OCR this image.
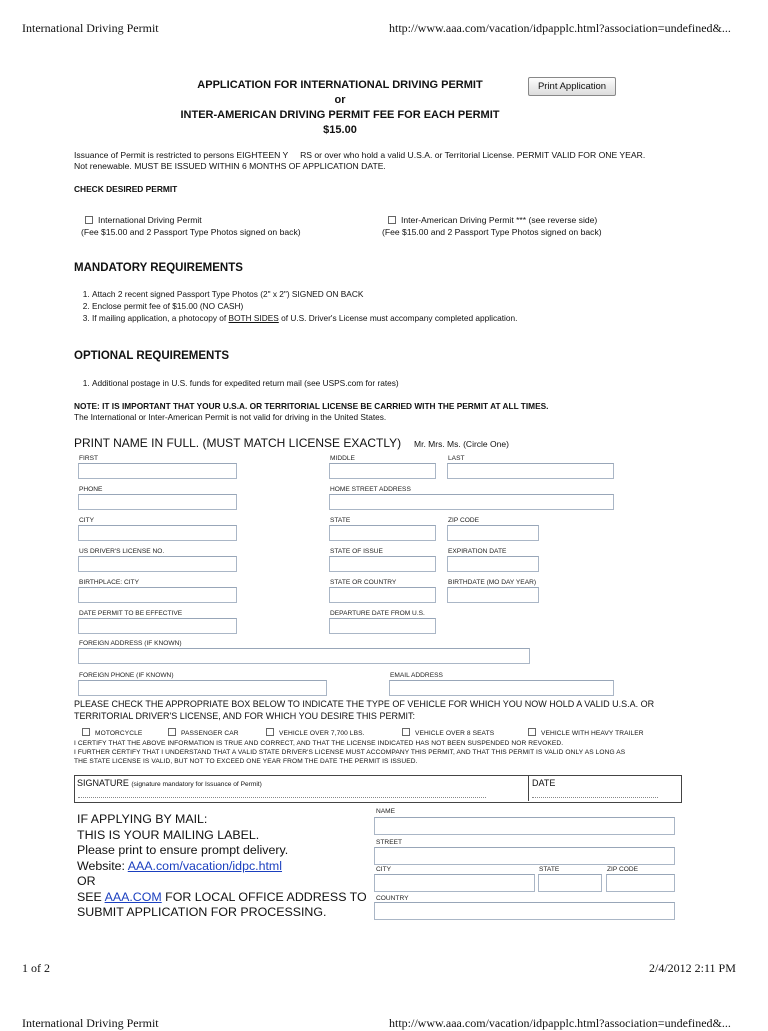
International Driving Permit	http://www.aaa.com/vacation/idpapplc.html?association=undefined&...
APPLICATION FOR INTERNATIONAL DRIVING PERMIT
or
INTER-AMERICAN DRIVING PERMIT FEE FOR EACH PERMIT
$15.00
Print Application
Issuance of Permit is restricted to persons EIGHTEEN Y     RS or over who hold a valid U.S.A. or Territorial License. PERMIT VALID FOR ONE YEAR.
Not renewable. MUST BE ISSUED WITHIN 6 MONTHS OF APPLICATION DATE.
CHECK DESIRED PERMIT
International Driving Permit
(Fee $15.00 and 2 Passport Type Photos signed on back)
Inter-American Driving Permit *** (see reverse side)
(Fee $15.00 and 2 Passport Type Photos signed on back)
MANDATORY REQUIREMENTS
1. Attach 2 recent signed Passport Type Photos (2" x 2") SIGNED ON BACK
2. Enclose permit fee of $15.00 (NO CASH)
3. If mailing application, a photocopy of BOTH SIDES of U.S. Driver's License must accompany completed application.
OPTIONAL REQUIREMENTS
1. Additional postage in U.S. funds for expedited return mail (see USPS.com for rates)
NOTE: IT IS IMPORTANT THAT YOUR U.S.A. OR TERRITORIAL LICENSE BE CARRIED WITH THE PERMIT AT ALL TIMES.
The International or Inter-American Permit is not valid for driving in the United States.
PRINT NAME IN FULL. (MUST MATCH LICENSE EXACTLY) Mr. Mrs. Ms. (Circle One)
FIRST	MIDDLE	LAST
PHONE	HOME STREET ADDRESS
CITY	STATE	ZIP CODE
US DRIVER'S LICENSE NO.	STATE OF ISSUE	EXPIRATION DATE
BIRTHPLACE: CITY	STATE OR COUNTRY	BIRTHDATE (MO DAY YEAR)
DATE PERMIT TO BE EFFECTIVE	DEPARTURE DATE FROM U.S.
FOREIGN ADDRESS (IF KNOWN)
FOREIGN PHONE (IF KNOWN)	EMAIL ADDRESS
PLEASE CHECK THE APPROPRIATE BOX BELOW TO INDICATE THE TYPE OF VEHICLE FOR WHICH YOU NOW HOLD A VALID U.S.A. OR
TERRITORIAL DRIVER'S LICENSE, AND FOR WHICH YOU DESIRE THIS PERMIT:
MOTORCYCLE	PASSENGER CAR	VEHICLE OVER 7,700 LBS.	VEHICLE OVER 8 SEATS	VEHICLE WITH HEAVY TRAILER
I CERTIFY THAT THE ABOVE INFORMATION IS TRUE AND CORRECT, AND THAT THE LICENSE INDICATED HAS NOT BEEN SUSPENDED NOR REVOKED.
I FURTHER CERTIFY THAT I UNDERSTAND THAT A VALID STATE DRIVER'S LICENSE MUST ACCOMPANY THIS PERMIT, AND THAT THIS PERMIT IS VALID ONLY AS LONG AS
THE STATE LICENSE IS VALID, BUT NOT TO EXCEED ONE YEAR FROM THE DATE THE PERMIT IS ISSUED.
SIGNATURE (signature mandatory for Issuance of Permit)	DATE
IF APPLYING BY MAIL:
THIS IS YOUR MAILING LABEL.
Please print to ensure prompt delivery.
Website: AAA.com/vacation/idpc.html
OR
SEE AAA.COM FOR LOCAL OFFICE ADDRESS TO
SUBMIT APPLICATION FOR PROCESSING.
NAME
STREET
CITY	STATE	ZIP CODE
COUNTRY
1 of 2	2/4/2012 2:11 PM
International Driving Permit	http://www.aaa.com/vacation/idpapplc.html?association=undefined&...
